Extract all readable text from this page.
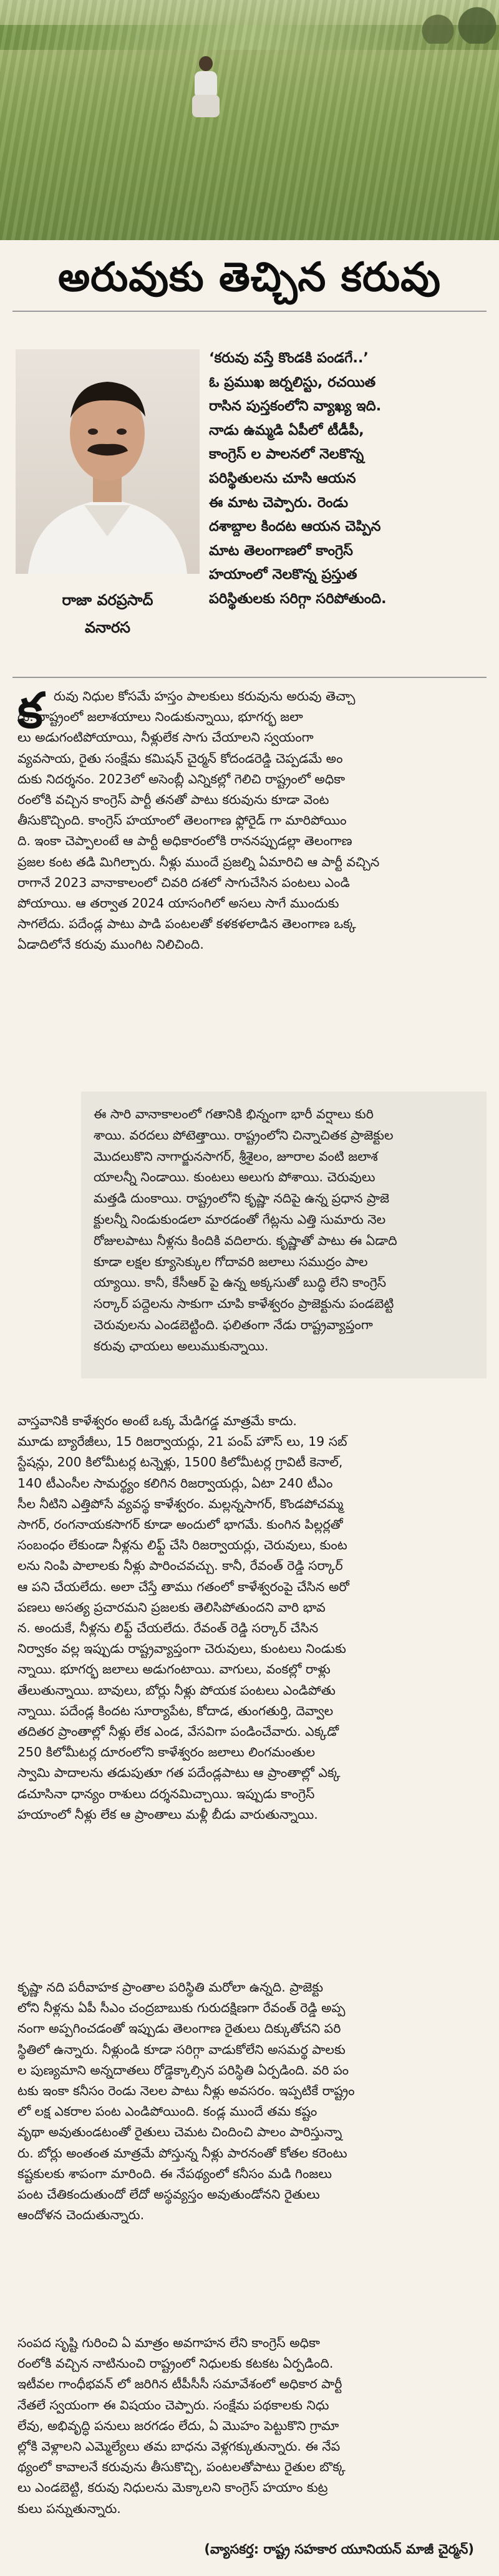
అరువుకు తెచ్చిన కరువు
రాజా వరప్రసాద్
వనారస
‘కరువు వస్తే కొండకి పండగే..’
ఓ ప్రముఖ జర్నలిస్టు, రచయిత
రాసిన పుస్తకంలోని వ్యాఖ్య ఇది.
నాడు ఉమ్మడి ఏపీలో టీడీపీ,
కాంగ్రెస్ ల పాలనలో నెలకొన్న
పరిస్థితులను చూసి ఆయన
ఈ మాట చెప్పారు. రెండు
దశాబ్దాల కిందట ఆయన చెప్పిన
మాట తెలంగాణలో కాంగ్రెస్
హయాంలో నెలకొన్న ప్రస్తుత
పరిస్థితులకు సరిగ్గా సరిపోతుంది.
క రువు నిధుల కోసమే హస్తం పాలకులు కరువును అరువు తెచ్చా
రు. రాష్ట్రంలో జలాశయాలు నిండుకున్నాయి, భూగర్భ జలా
లు అడుగంటిపోయాయి, నీళ్లులేక సాగు చేయాలని స్వయంగా
వ్యవసాయ, రైతు సంక్షేమ కమిషన్ చైర్మన్ కోదండరెడ్డి చెప్పడమే అం
దుకు నిదర్శనం. 2023లో అసెంబ్లీ ఎన్నికల్లో గెలిచి రాష్ట్రంలో అధికా
రంలోకి వచ్చిన కాంగ్రెస్ పార్టీ తనతో పాటు కరువును కూడా వెంట
తీసుకొచ్చింది. కాంగ్రెస్ హయాంలో తెలంగాణ ఫ్లోరైడ్ గా మారిపోయిం
ది. ఇంకా చెప్పాలంటే ఆ పార్టీ అధికారంలోకి రాననప్పుడల్లా తెలంగాణ
ప్రజల కంట తడి మిగిల్చారు. నీళ్లు ముందే ప్రజల్ని ఏమారిచి ఆ పార్టీ వచ్చిన
రాగానే 2023 వానాకాలంలో చివరి దశలో సాగుచేసిన పంటలు ఎండి
పోయాయి. ఆ తర్వాత 2024 యాసంగిలో అసలు సాగే ముందుకు
సాగలేదు. పదేండ్ల పాటు పాడి పంటలతో కళకళలాడిన తెలంగాణ ఒక్క
ఏడాదిలోనే కరువు ముంగిట నిలిచింది.
ఈ సారి వానాకాలంలో గతానికి భిన్నంగా భారీ వర్షాలు కురి
శాయి. వరదలు పోటెత్తాయి. రాష్ట్రంలోని చిన్నాచితక ప్రాజెక్టుల
మొదలుకొని నాగార్జునసాగర్, శ్రీశైలం, జూరాల వంటి జలాశ
యాలన్నీ నిండాయి. కుంటలు అలుగు పోశాయి. చెరువులు
మత్తడి దుంకాయి. రాష్ట్రంలోని కృష్ణా నదిపై ఉన్న ప్రధాన ప్రాజె
క్టులన్నీ నిండుకుండలా మారడంతో గేట్లను ఎత్తి సుమారు నెల
రోజులపాటు నీళ్లను కిందికి వదిలారు. కృష్ణాతో పాటు ఈ ఏడాది
కూడా లక్షల క్యూసెక్కుల గోదావరి జలాలు సముద్రం పాల
య్యాయి. కానీ, కేసీఆర్ పై ఉన్న అక్కసుతో బుద్ధి లేని కాంగ్రెస్
సర్కార్ పద్దెలను సాకుగా చూపి కాళేశ్వరం ప్రాజెక్టును పండబెట్టి
చెరువులను ఎండబెట్టింది. ఫలితంగా నేడు రాష్ట్రవ్యాప్తంగా
కరువు ఛాయలు అలుముకున్నాయి.
వాస్తవానికి కాళేశ్వరం అంటే ఒక్క మేడిగడ్డ మాత్రమే కాదు.
మూడు బ్యారేజీలు, 15 రిజర్వాయర్లు, 21 పంప్ హౌస్ లు, 19 సబ్
స్టేషన్లు, 200 కిలోమీటర్ల టన్నెళ్లు, 1500 కిలోమీటర్ల గ్రావిటీ కెనాల్,
140 టీఎంసీల సామర్థ్యం కలిగిన రిజర్వాయర్లు, ఏటా 240 టీఎం
సీల నీటిని ఎత్తిపోసే వ్యవస్థ కాళేశ్వరం. మల్లన్నసాగర్, కొండపోచమ్మ
సాగర్, రంగనాయకసాగర్ కూడా అందులో భాగమే. కుంగిన పిల్లర్లతో
సంబంధం లేకుండా నీళ్లను లిఫ్ట్ చేసి రిజర్వాయర్లు, చెరువులు, కుంట
లను నింపి పాలాలకు నీళ్లు పారించవచ్చు. కానీ, రేవంత్ రెడ్డి సర్కార్
ఆ పని చేయలేదు. అలా చేస్తే తాము గతంలో కాళేశ్వరంపై చేసిన అరో
పణలు అసత్య ప్రచారమని ప్రజలకు తెలిసిపోతుందని వారి భావ
న. అందుకే, నీళ్లను లిఫ్ట్ చేయలేదు. రేవంత్ రెడ్డి సర్కార్ చేసిన
నిర్వాకం వల్ల ఇప్పుడు రాష్ట్రవ్యాప్తంగా చెరువులు, కుంటలు నిండుకు
న్నాయి. భూగర్భ జలాలు అడుగంటాయి. వాగులు, వంకల్లో రాళ్లు
తేలుతున్నాయి. బావులు, బోర్లు నీళ్లు పోయక పంటలు ఎండిపోతు
న్నాయి. పదేండ్ల కిందట సూర్యాపేట, కోదాడ, తుంగతుర్తి, దెవ్వాల
తదితర ప్రాంతాల్లో నీళ్లు లేక ఎండ, వేసవిగా పండించేవారు. ఎక్కడో
250 కిలోమీటర్ల దూరంలోని కాళేశ్వరం జలాలు లింగమంతుల
స్వామి పాదాలను తడుపుతూ గత పదేండ్లపాటు ఆ ప్రాంతాల్లో ఎక్క
డచూసినా ధాన్యం రాశులు దర్శనమిచ్చాయి. ఇప్పుడు కాంగ్రెస్
హయాంలో నీళ్లు లేక ఆ ప్రాంతాలు మళ్లీ బీడు వారుతున్నాయి.
కృష్ణా నది పరీవాహక ప్రాంతాల పరిస్థితి మరోలా ఉన్నది. ప్రాజెక్టు
లోని నీళ్లను ఏపీ సీఎం చంద్రబాబుకు గురుదక్షిణగా రేవంత్ రెడ్డి అప్ప
నంగా అప్పగించడంతో ఇప్పుడు తెలంగాణ రైతులు దిక్కుతోచని పరి
స్థితిలో ఉన్నారు. నీళ్లుండి కూడా సరిగ్గా వాడుకోలేని అసమర్థ పాలకు
ల పుణ్యమాని అన్నదాతలు రోడ్డెక్కాల్సిన పరిస్థితి ఏర్పడింది. వరి పం
టకు ఇంకా కనీసం రెండు నెలల పాటు నీళ్లు అవసరం. ఇప్పటికే రాష్ట్రం
లో లక్ష ఎకరాల పంట ఎండిపోయింది. కండ్ల ముందే తమ కష్టం
వృథా అవుతుండటంతో రైతులు చెమట చిందించి పాలం పారిస్తున్నా
రు. బోర్లు అంతంత మాత్రమే పోస్తున్న నీళ్లు పారనంతో కోతల కరెంటు
కష్టకులకు శాపంగా మారింది. ఈ నేపథ్యంలో కనీసం మడి గింజలు
పంట చేతికందుతుందో లేదో అస్థవ్యస్తం అవుతుండోనని రైతులు
ఆందోళన చెందుతున్నారు.
సంపద సృష్టి గురించి ఏ మాత్రం అవగాహన లేని కాంగ్రెస్ అధికా
రంలోకి వచ్చిన నాటినుంచి రాష్ట్రంలో నిధులకు కటకట ఏర్పడింది.
ఇటీవల గాంధీభవన్ లో జరిగిన టీపీసీసీ సమావేశంలో అధికార పార్టీ
నేతలే స్వయంగా ఈ విషయం చెప్పారు. సంక్షేమ పథకాలకు నిధు
లేవు, అభివృద్ధి పనులు జరగడం లేదు, ఏ మొహం పెట్టుకొని గ్రామా
ల్లోకి వెళ్లాలని ఎమ్మెల్యేలు తమ బాధను వెళ్లగక్కుతున్నారు. ఈ నేప
థ్యంలో కావాలనే కరువును తీసుకొచ్చి, పంటలతోపాటు రైతుల బొక్క
లు ఎండబెట్టి, కరువు నిధులను మెక్కాలని కాంగ్రెస్ హయాం కుట్ర
కులు పన్నుతున్నారు.
(వ్యాసకర్త: రాష్ట్ర సహకార యూనియన్ మాజీ చైర్మన్)
